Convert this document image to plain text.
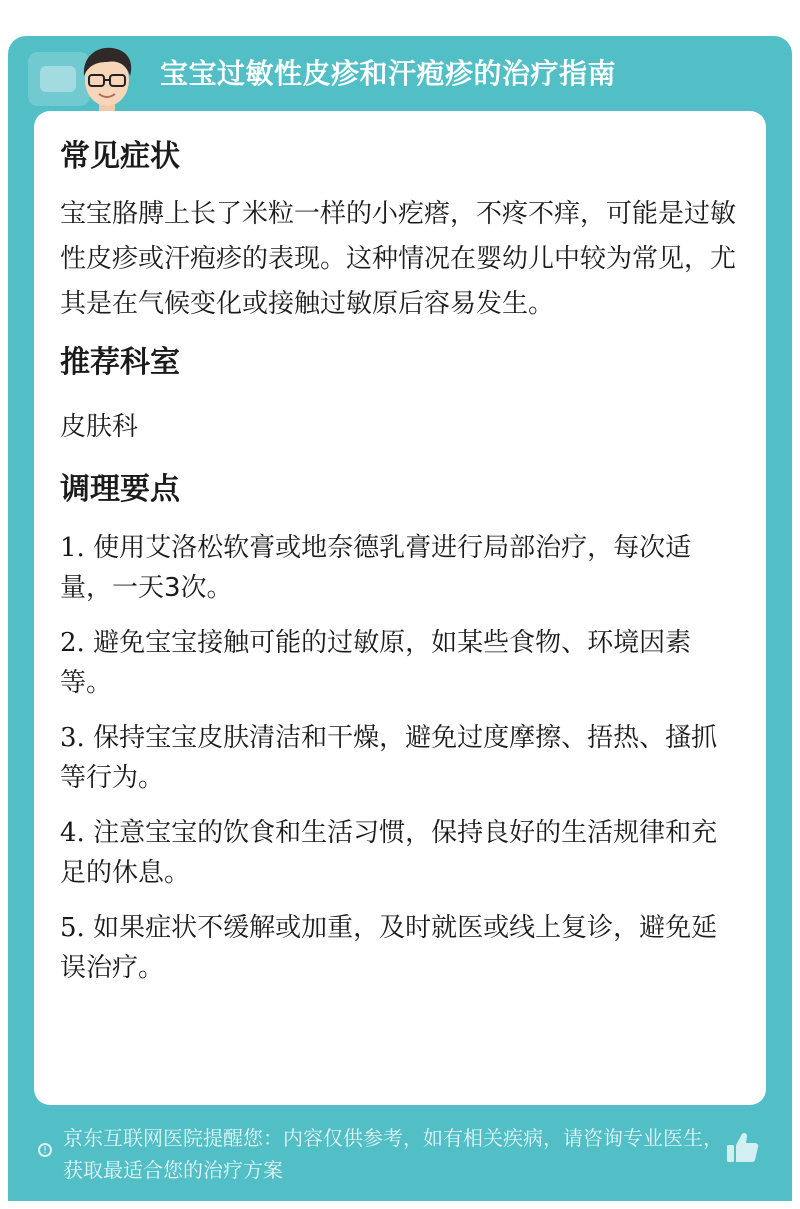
宝宝过敏性皮疹和汗疱疹的治疗指南
常见症状

宝宝胳膊上长了米粒一样的小疙瘩，不疼不痒，可能是过敏性皮疹或汗疱疹的表现。这种情况在婴幼儿中较为常见，尤其是在气候变化或接触过敏原后容易发生。

推荐科室

皮肤科

调理要点

1. 使用艾洛松软膏或地奈德乳膏进行局部治疗，每次适量，一天3次。

2. 避免宝宝接触可能的过敏原，如某些食物、环境因素等。

3. 保持宝宝皮肤清洁和干燥，避免过度摩擦、捂热、搔抓等行为。

4. 注意宝宝的饮食和生活习惯，保持良好的生活规律和充足的休息。

5. 如果症状不缓解或加重，及时就医或线上复诊，避免延误治疗。

!
京东互联网医院提醒您：内容仅供参考，如有相关疾病，请咨询专业医生，获取最适合您的治疗方案
